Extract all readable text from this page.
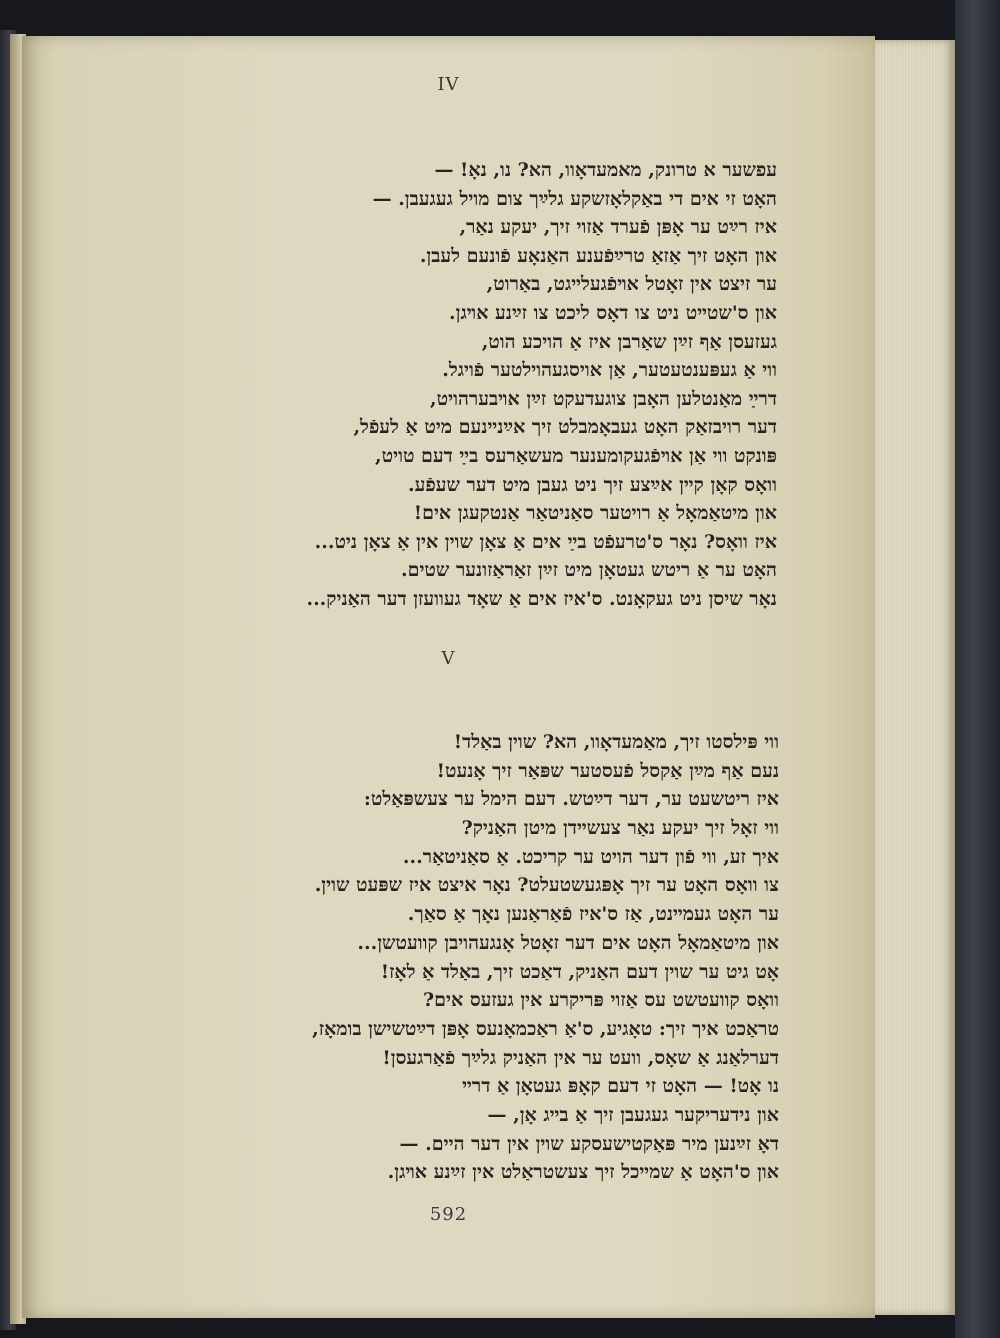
IV
עפשער א טרונק, מאמעדאָוו, הא? נו, נאָ! —
האָט זי אים די באַקלאָזשקע גלײַך צום מויל געגעבן. —
איז רײַט ער אָפּן פֿערד אַזוי זיך, יעקע נאַר,
און האָט זיך אַזאַ טרײַפֿענע האַנאָע פֿונעם לעבן.
ער זיצט אין זאָטל אױפֿגעלײגט, באַרוט,
און ס'שטײט ניט צו דאָס ליכט צו זײַנע אױגן.
געזעסן אַף זײַן שאַרבן איז אַ הויכע הוט,
ווי אַ געפּענטעטער, אַן אויסגעהוילטער פֿויגל.
דרײַ מאַנטלען האָבן צוגעדעקט זײַן אױבערהויט,
דער רויבזאַק האָט געבאָמבלט זיך אײַנײנעם מיט אַ לעפֿל,
פּונקט ווי אַן אױפֿגעקומענער מעשאַרעס בײַ דעם טויט,
וואָס קאָן קײן אײַצע זיך ניט געבן מיט דער שעפֿע.
און מיטאַמאָל אַ רויטער סאַניטאַר אַנטקעגן אים!
איז וואָס? נאָר ס'טרעפֿט בײַ אים אַ צאָן שוין אין אַ צאָן ניט...
האָט ער אַ ריטש געטאָן מיט זײַן זאַראַזונער שטים.
נאָר שיסן ניט געקאָנט. ס'איז אים אַ שאָד געוועזן דער האַניק...
V
ווי פּילסטו זיך, מאַמעדאָוו, הא? שוין באַלד!
נעם אַף מײַן אַקסל פֿעסטער שפּאַר זיך אָנעט!
איז ריטשעט ער, דער דײַטש. דעם הימל ער צעשפּאַלט:
ווי זאָל זיך יעקע נאַר צעשײדן מיטן האַניק?
איך זע, ווי פֿון דער הויט ער קריכט. אַ סאַניטאַר...
צו וואָס האָט ער זיך אָפּגעשטעלט? נאָר איצט איז שפּעט שוין.
ער האָט געמײנט, אַז ס'איז פֿאַראַנען נאָך אַ סאַך.
און מיטאַמאָל האָט אים דער זאָטל אָנגעהויבן קוועטשן...
אָט גיט ער שוין דעם האַניק, דאַכט זיך, באַלד אַ לאָז!
וואָס קוועטשט עס אַזוי פּריקרע אין געזעס אים?
טראַכט איך זיך: טאָגיע, ס'אַ ראַכמאָנעס אָפּן דײַטשישן בומאָז,
דערלאַנג אַ שאָס, וועט ער אין האַניק גלײַך פֿאַרגעסן!
נו אָט! — האָט זי דעם קאָפּ געטאָן אַ דרײ
און נידעריקער געגעבן זיך אַ בײג אָן, —
דאָ זײַנען מיר פּאַקטישעסקע שוין אין דער היים. —
און ס'האָט אַ שמײכל זיך צעשטראַלט אין זײַנע אױגן.
592
